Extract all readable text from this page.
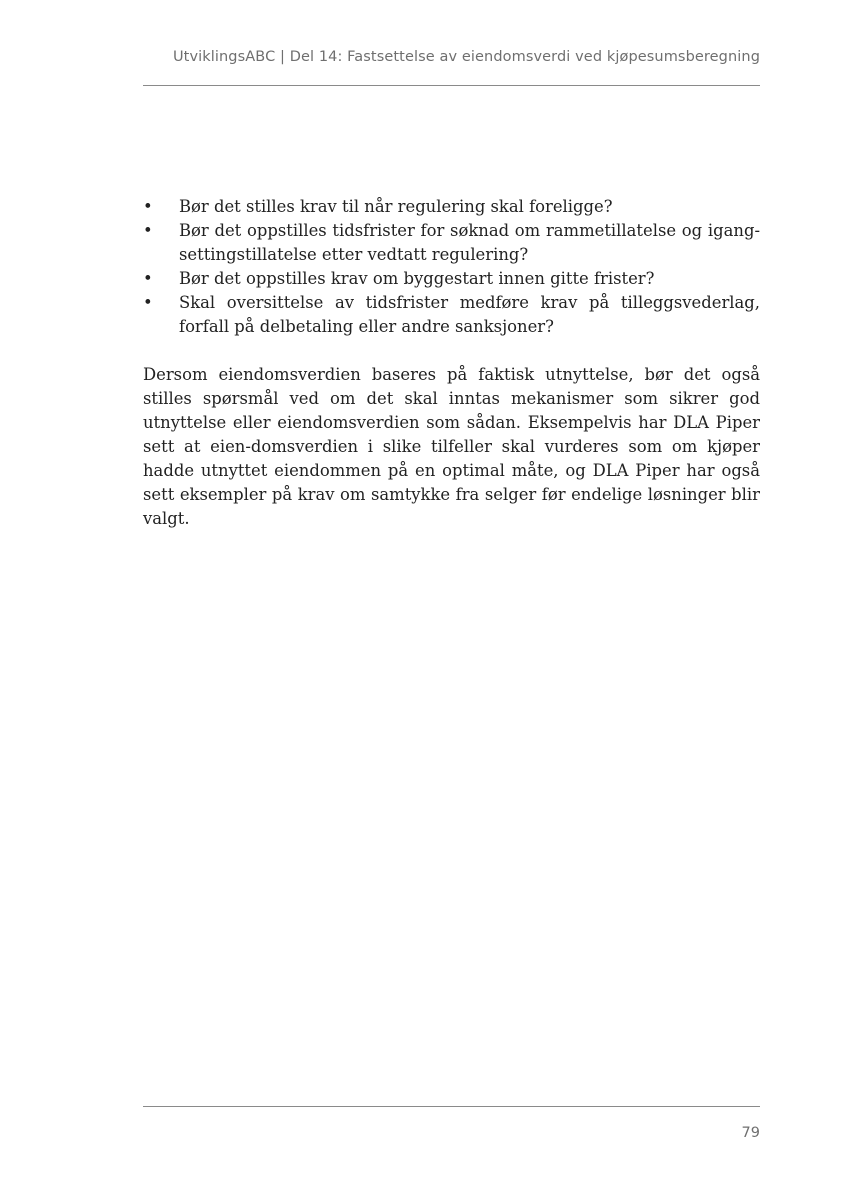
UtviklingsABC | Del 14: Fastsettelse av eiendomsverdi ved kjøpesumsberegning
• Bør det stilles krav til når regulering skal foreligge?
• Bør det oppstilles tidsfrister for søknad om rammetillatelse og igang-settingstillatelse etter vedtatt regulering?
• Bør det oppstilles krav om byggestart innen gitte frister?
• Skal oversittelse av tidsfrister medføre krav på tilleggsvederlag, forfall på delbetaling eller andre sanksjoner?

Dersom eiendomsverdien baseres på faktisk utnyttelse, bør det også stilles spørsmål ved om det skal inntas mekanismer som sikrer god utnyttelse eller eiendomsverdien som sådan. Eksempelvis har DLA Piper sett at eien-domsverdien i slike tilfeller skal vurderes som om kjøper hadde utnyttet eiendommen på en optimal måte, og DLA Piper har også sett eksempler på krav om samtykke fra selger før endelige løsninger blir valgt.

79
